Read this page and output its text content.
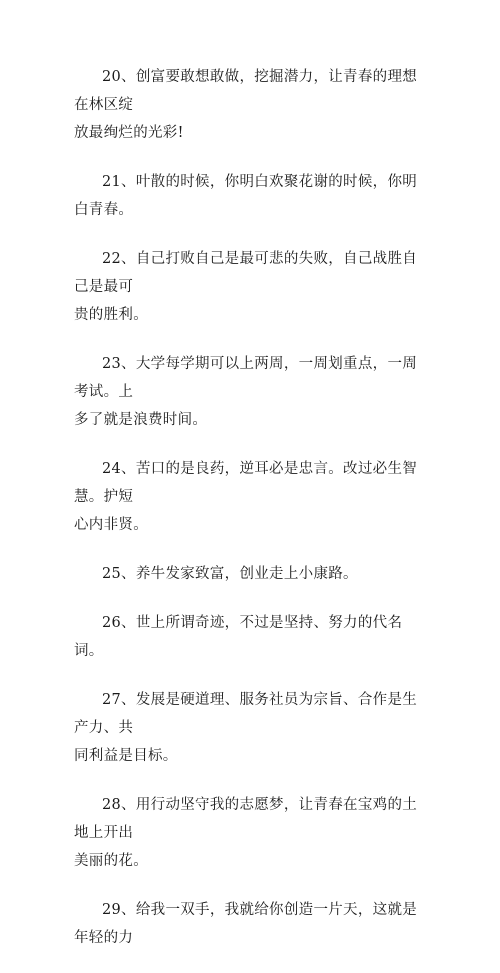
20、创富要敢想敢做，挖掘潜力，让青春的理想在林区绽
放最绚烂的光彩!

21、叶散的时候，你明白欢聚花谢的时候，你明白青春。

22、自己打败自己是最可悲的失败，自己战胜自己是最可
贵的胜利。

23、大学每学期可以上两周，一周划重点，一周考试。上
多了就是浪费时间。

24、苦口的是良药，逆耳必是忠言。改过必生智慧。护短
心内非贤。

25、养牛发家致富，创业走上小康路。

26、世上所谓奇迹，不过是坚持、努力的代名词。

27、发展是硬道理、服务社员为宗旨、合作是生产力、共
同利益是目标。

28、用行动坚守我的志愿梦，让青春在宝鸡的土地上开出
美丽的花。

29、给我一双手，我就给你创造一片天，这就是年轻的力
